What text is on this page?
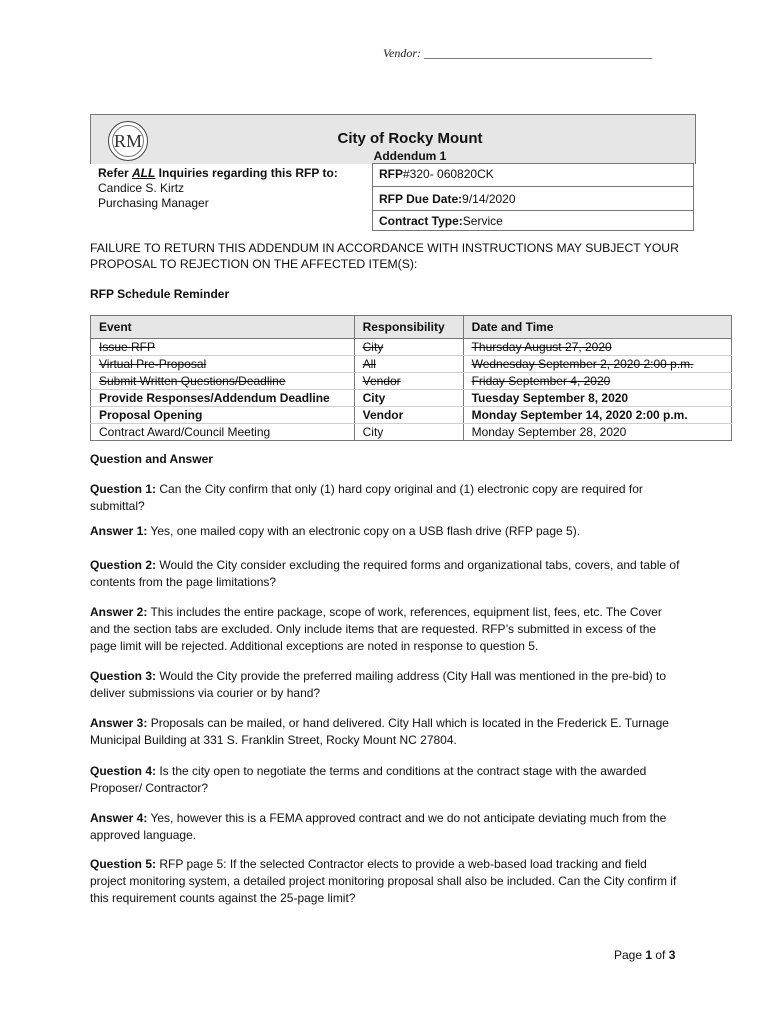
Vendor: ______________________________________
RM	City of Rocky Mount
Addendum 1
Refer ALL Inquiries regarding this RFP to:
Candice S. Kirtz
Purchasing Manager
RFP #320- 060820CK
RFP Due Date: 9/14/2020
Contract Type: Service
FAILURE TO RETURN THIS ADDENDUM IN ACCORDANCE WITH INSTRUCTIONS MAY SUBJECT YOUR PROPOSAL TO REJECTION ON THE AFFECTED ITEM(S):
RFP Schedule Reminder
Event	Responsibility	Date and Time
Issue RFP	City	Thursday August 27, 2020
Virtual Pre-Proposal	All	Wednesday September 2, 2020 2:00 p.m.
Submit Written Questions/Deadline	Vendor	Friday September 4, 2020
Provide Responses/Addendum Deadline	City	Tuesday September 8, 2020
Proposal Opening	Vendor	Monday September 14, 2020 2:00 p.m.
Contract Award/Council Meeting	City	Monday September 28, 2020
Question and Answer
Question 1: Can the City confirm that only (1) hard copy original and (1) electronic copy are required for submittal?
Answer 1: Yes, one mailed copy with an electronic copy on a USB flash drive (RFP page 5).
Question 2: Would the City consider excluding the required forms and organizational tabs, covers, and table of contents from the page limitations?
Answer 2: This includes the entire package, scope of work, references, equipment list, fees, etc. The Cover and the section tabs are excluded. Only include items that are requested. RFP’s submitted in excess of the page limit will be rejected. Additional exceptions are noted in response to question 5.
Question 3: Would the City provide the preferred mailing address (City Hall was mentioned in the pre-bid) to deliver submissions via courier or by hand?
Answer 3: Proposals can be mailed, or hand delivered. City Hall which is located in the Frederick E. Turnage Municipal Building at 331 S. Franklin Street, Rocky Mount NC 27804.
Question 4: Is the city open to negotiate the terms and conditions at the contract stage with the awarded Proposer/ Contractor?
Answer 4: Yes, however this is a FEMA approved contract and we do not anticipate deviating much from the approved language.
Question 5: RFP page 5: If the selected Contractor elects to provide a web-based load tracking and field project monitoring system, a detailed project monitoring proposal shall also be included. Can the City confirm if this requirement counts against the 25-page limit?
Page 1 of 3
